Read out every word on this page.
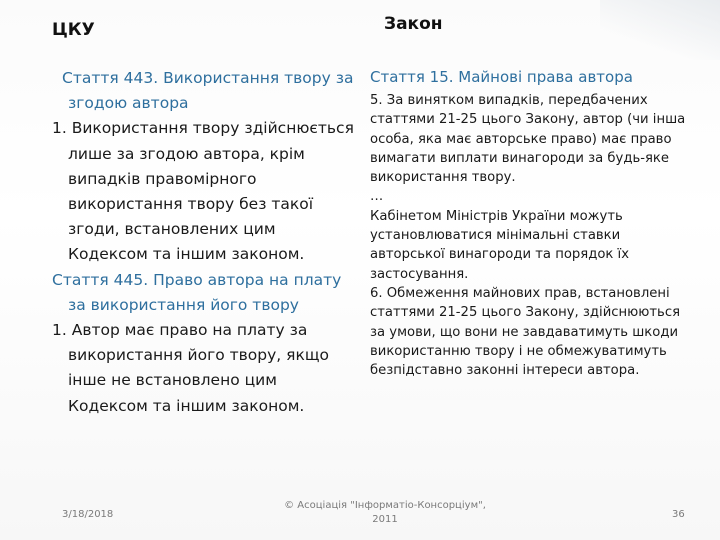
ЦКУ	Закон

Стаття 443. Використання твору за згодою автора

1. Використання твору здійснюється лише за згодою автора, крім випадків правомірного використання твору без такої згоди, встановлених цим Кодексом та іншим законом.

Стаття 445. Право автора на плату за використання його твору

1. Автор має право на плату за використання його твору, якщо інше не встановлено цим Кодексом та іншим законом.

Стаття 15. Майнові права автора

5. За винятком випадків, передбачених статтями 21-25 цього Закону, автор (чи інша особа, яка має авторське право) має право вимагати виплати винагороди за будь-яке використання твору.

…

Кабінетом Міністрів України можуть установлюватися мінімальні ставки авторської винагороди та порядок їх застосування.

6. Обмеження майнових прав, встановлені статтями 21-25 цього Закону, здійснюються за умови, що вони не завдаватимуть шкоди використанню твору і не обмежуватимуть безпідставно законні інтереси автора.

3/18/2018
© Асоціація "Інформатіо-Консорціум",
2011	36
